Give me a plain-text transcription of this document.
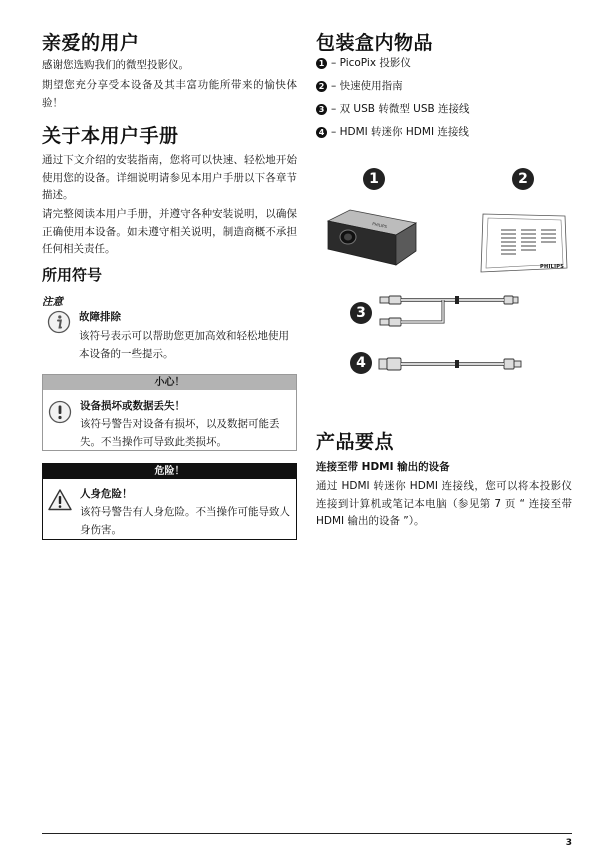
亲爱的用户

感谢您选购我们的微型投影仪。

期望您充分享受本设备及其丰富功能所带来的愉快体验！

关于本用户手册

通过下文介绍的安装指南，您将可以快速、轻松地开始使用您的设备。详细说明请参见本用户手册以下各章节描述。

请完整阅读本用户手册，并遵守各种安装说明，以确保正确使用本设备。如未遵守相关说明，制造商概不承担任何相关责任。

所用符号
注意
故障排除
该符号表示可以帮助您更加高效和轻松地使用本设备的一些提示。
小心！
设备损坏或数据丢失！
该符号警告对设备有损坏，以及数据可能丢失。不当操作可导致此类损坏。
危险！
人身危险！
该符号警告有人身危险。不当操作可能导致人身伤害。
包装盒内物品
1 – PicoPix 投影仪
2 – 快速使用指南
3 – 双 USB 转微型 USB 连接线
4 – HDMI 转迷你 HDMI 连接线
1	2
3
4
PHILIPS
PHILIPS
产品要点
连接至带 HDMI 输出的设备

通过 HDMI 转迷你 HDMI 连接线，您可以将本投影仪连接到计算机或笔记本电脑（参见第 7 页 “ 连接至带 HDMI 输出的设备 ”）。

3
